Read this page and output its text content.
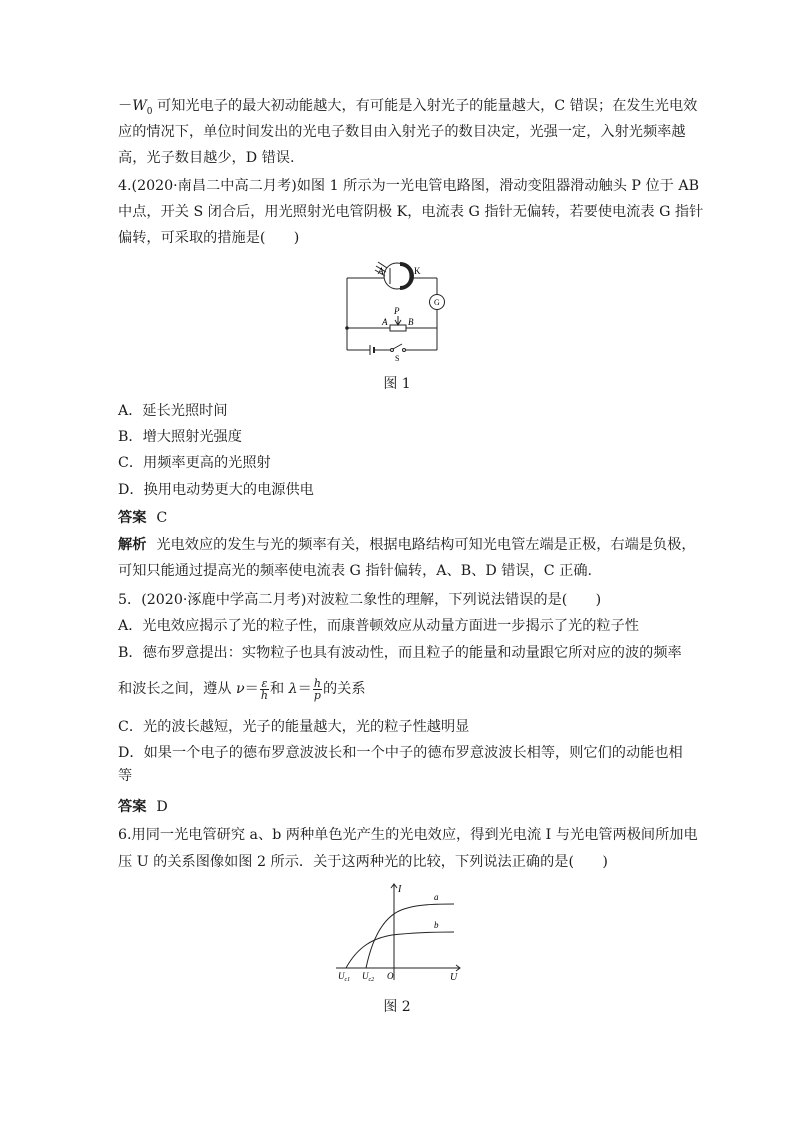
$-W_0$ 可知光电子的最大初动能越大，有可能是入射光子的能量越大，C 错误；在发生光电效
应的情况下，单位时间发出的光电子数目由入射光子的数目决定，光强一定，入射光频率越
高，光子数目越少，D 错误.
4.(2020·南昌二中高二月考)如图 1 所示为一光电管电路图，滑动变阻器滑动触头 P 位于 AB
中点，开关 S 闭合后，用光照射光电管阴极 K，电流表 G 指针无偏转，若要使电流表 G 指针
偏转，可采取的措施是(　　)
A	K
G
P
A B
S
图 1
A．延长光照时间
B．增大照射光强度
C．用频率更高的光照射
D．换用电动势更大的电源供电
答案 C
解析 光电效应的发生与光的频率有关，根据电路结构可知光电管左端是正极，右端是负极，
可知只能通过提高光的频率使电流表 G 指针偏转，A、B、D 错误，C 正确.
5．(2020·涿鹿中学高二月考)对波粒二象性的理解，下列说法错误的是(　　)
A．光电效应揭示了光的粒子性，而康普顿效应从动量方面进一步揭示了光的粒子性
B．德布罗意提出：实物粒子也具有波动性，而且粒子的能量和动量跟它所对应的波的频率
和波长之间，遵从 $\nu= \frac{\varepsilon}{h}$ 和 $\lambda= \frac{h}{p}$ 的关系
C．光的波长越短，光子的能量越大，光的粒子性越明显
D．如果一个电子的德布罗意波波长和一个中子的德布罗意波波长相等，则它们的动能也相
等
答案 D
6.用同一光电管研究 a、b 两种单色光产生的光电效应，得到光电流 I 与光电管两极间所加电
压 U 的关系图像如图 2 所示．关于这两种光的比较，下列说法正确的是(　　)
I
U
O
a
b
$U_{c1}$ $U_{c2}$
图 2
